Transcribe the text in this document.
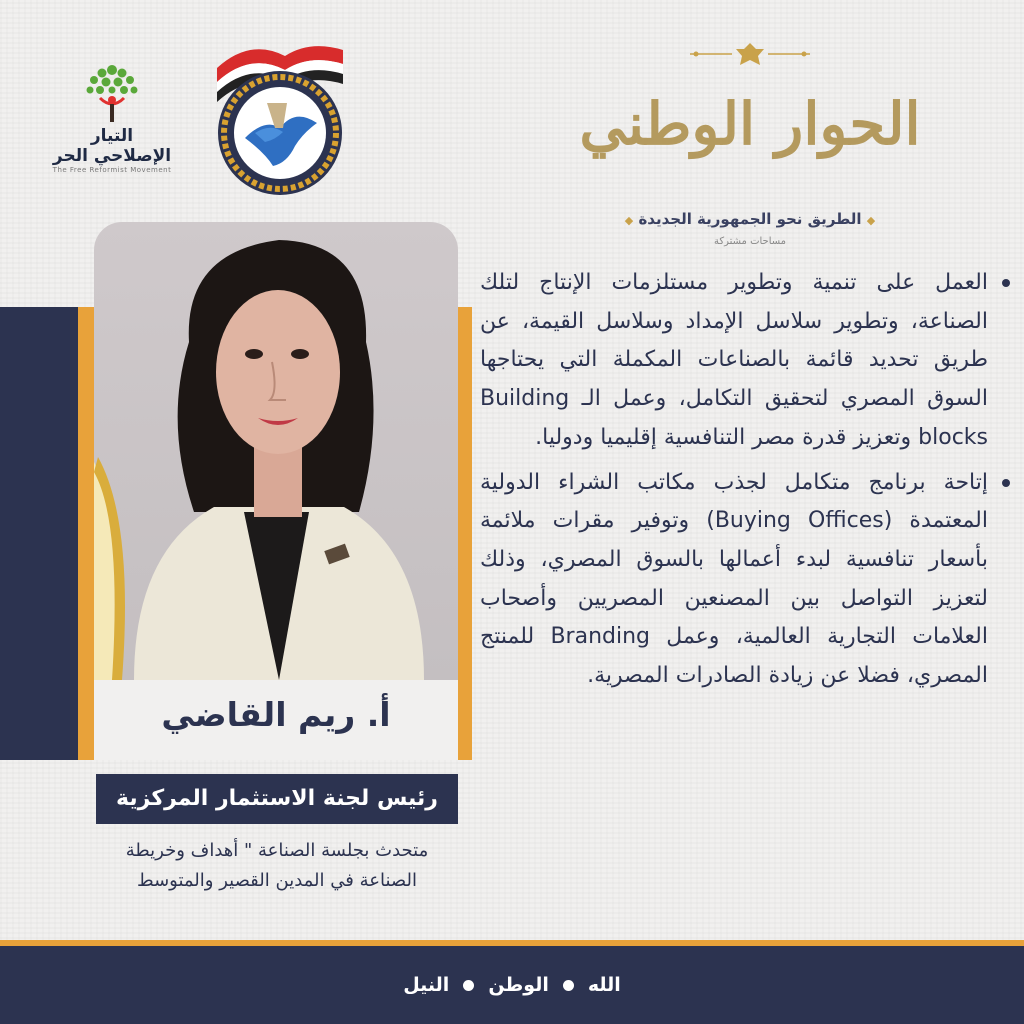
التيار الإصلاحي الحر
The Free Reformist Movement
الحوار الوطني
◆ الطريق نحو الجمهورية الجديدة ◆
مساحات مشتركة
أ. ريم القاضي
رئيس لجنة الاستثمار المركزية
متحدث بجلسة الصناعة " أهداف وخريطة الصناعة في المدين القصير والمتوسط
العمل على تنمية وتطوير مستلزمات الإنتاج لتلك الصناعة، وتطوير سلاسل الإمداد وسلاسل القيمة، عن طريق تحديد قائمة بالصناعات المكملة التي يحتاجها السوق المصري لتحقيق التكامل، وعمل الـ Building blocks وتعزيز قدرة مصر التنافسية إقليميا ودوليا.
إتاحة برنامج متكامل لجذب مكاتب الشراء الدولية المعتمدة (Buying Offices) وتوفير مقرات ملائمة بأسعار تنافسية لبدء أعمالها بالسوق المصري، وذلك لتعزيز التواصل بين المصنعين المصريين وأصحاب العلامات التجارية العالمية، وعمل Branding للمنتج المصري، فضلا عن زيادة الصادرات المصرية.
الله
الوطن
النيل
